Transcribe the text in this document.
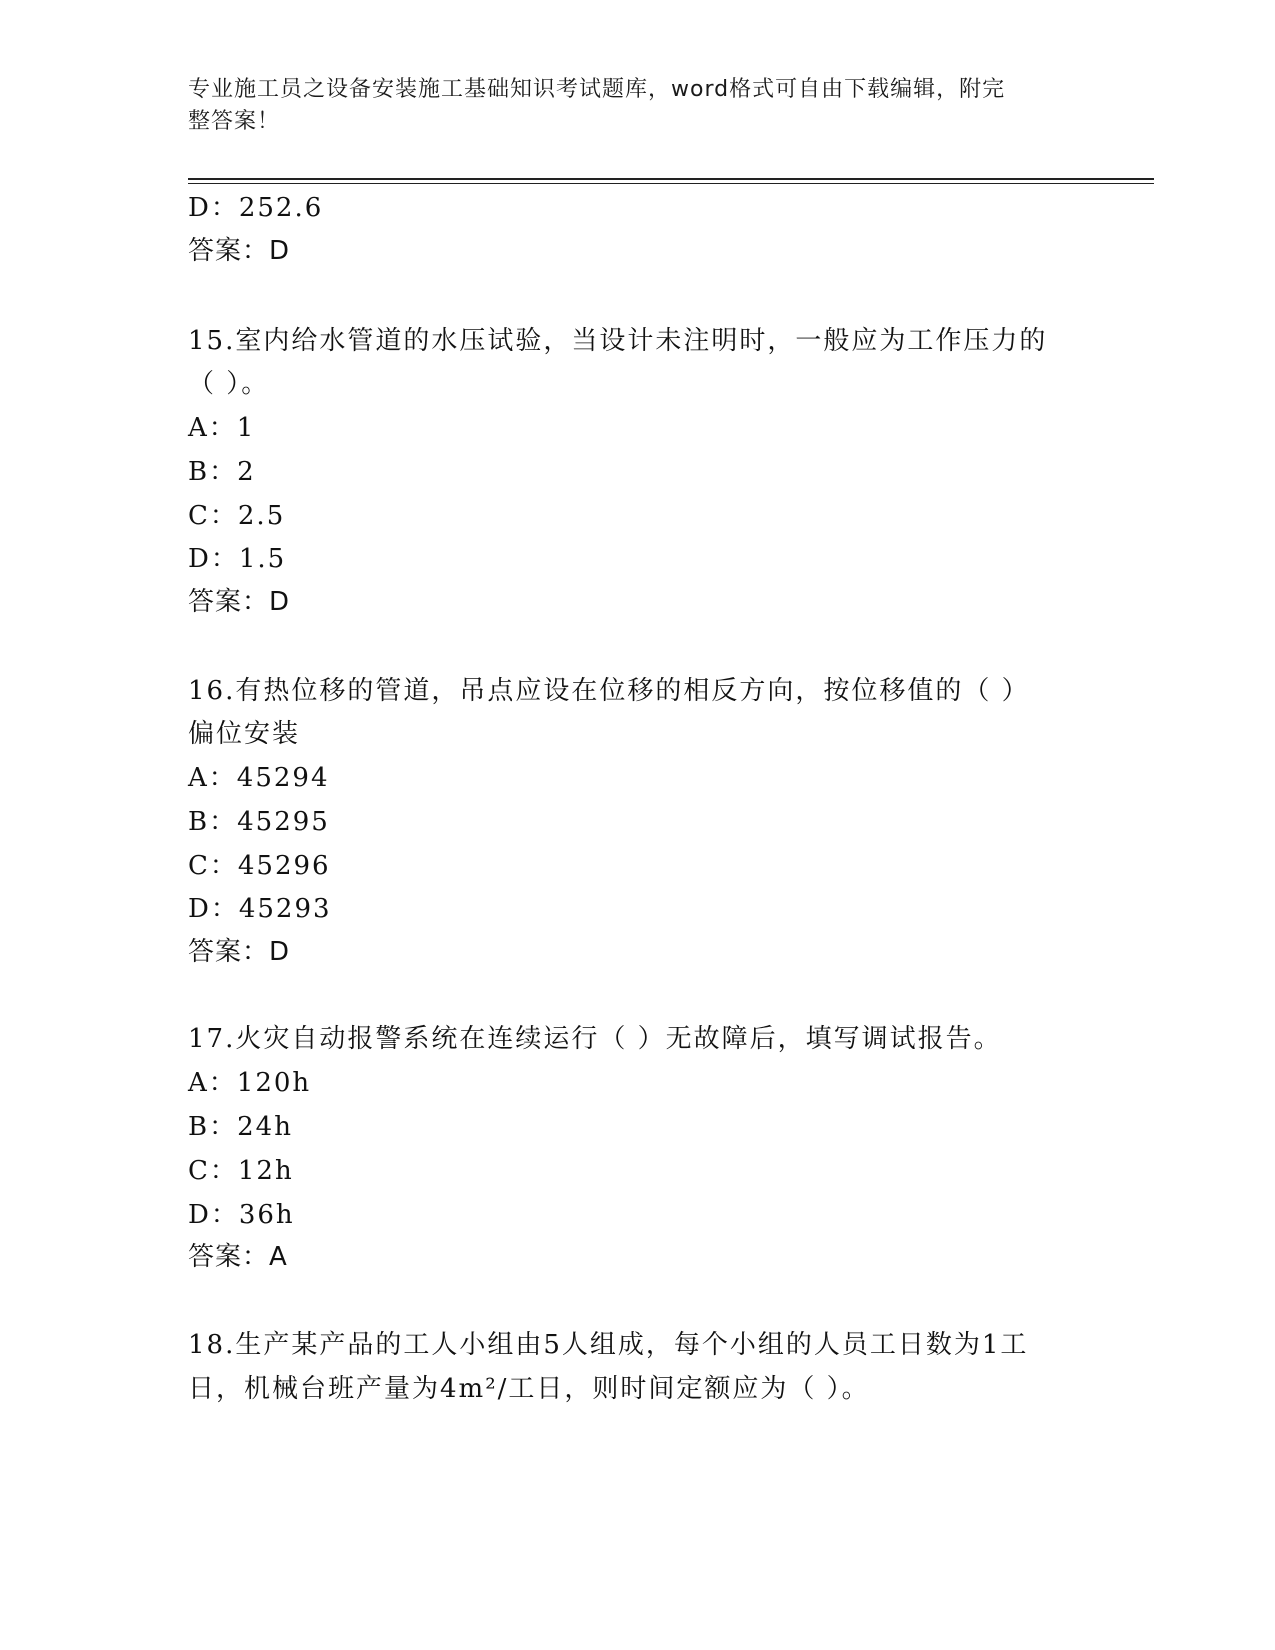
专业施工员之设备安装施工基础知识考试题库，word格式可自由下载编辑，附完
整答案！
D：252.6
答案：D
15.室内给水管道的水压试验，当设计未注明时，一般应为工作压力的
（ ）。
A：1
B：2
C：2.5
D：1.5
答案：D
16.有热位移的管道，吊点应设在位移的相反方向，按位移值的（ ）
偏位安装
A：45294
B：45295
C：45296
D：45293
答案：D
17.火灾自动报警系统在连续运行（ ）无故障后，填写调试报告。
A：120h
B：24h
C：12h
D：36h
答案：A
18.生产某产品的工人小组由5人组成，每个小组的人员工日数为1工
日，机械台班产量为4m²/工日，则时间定额应为（ ）。
